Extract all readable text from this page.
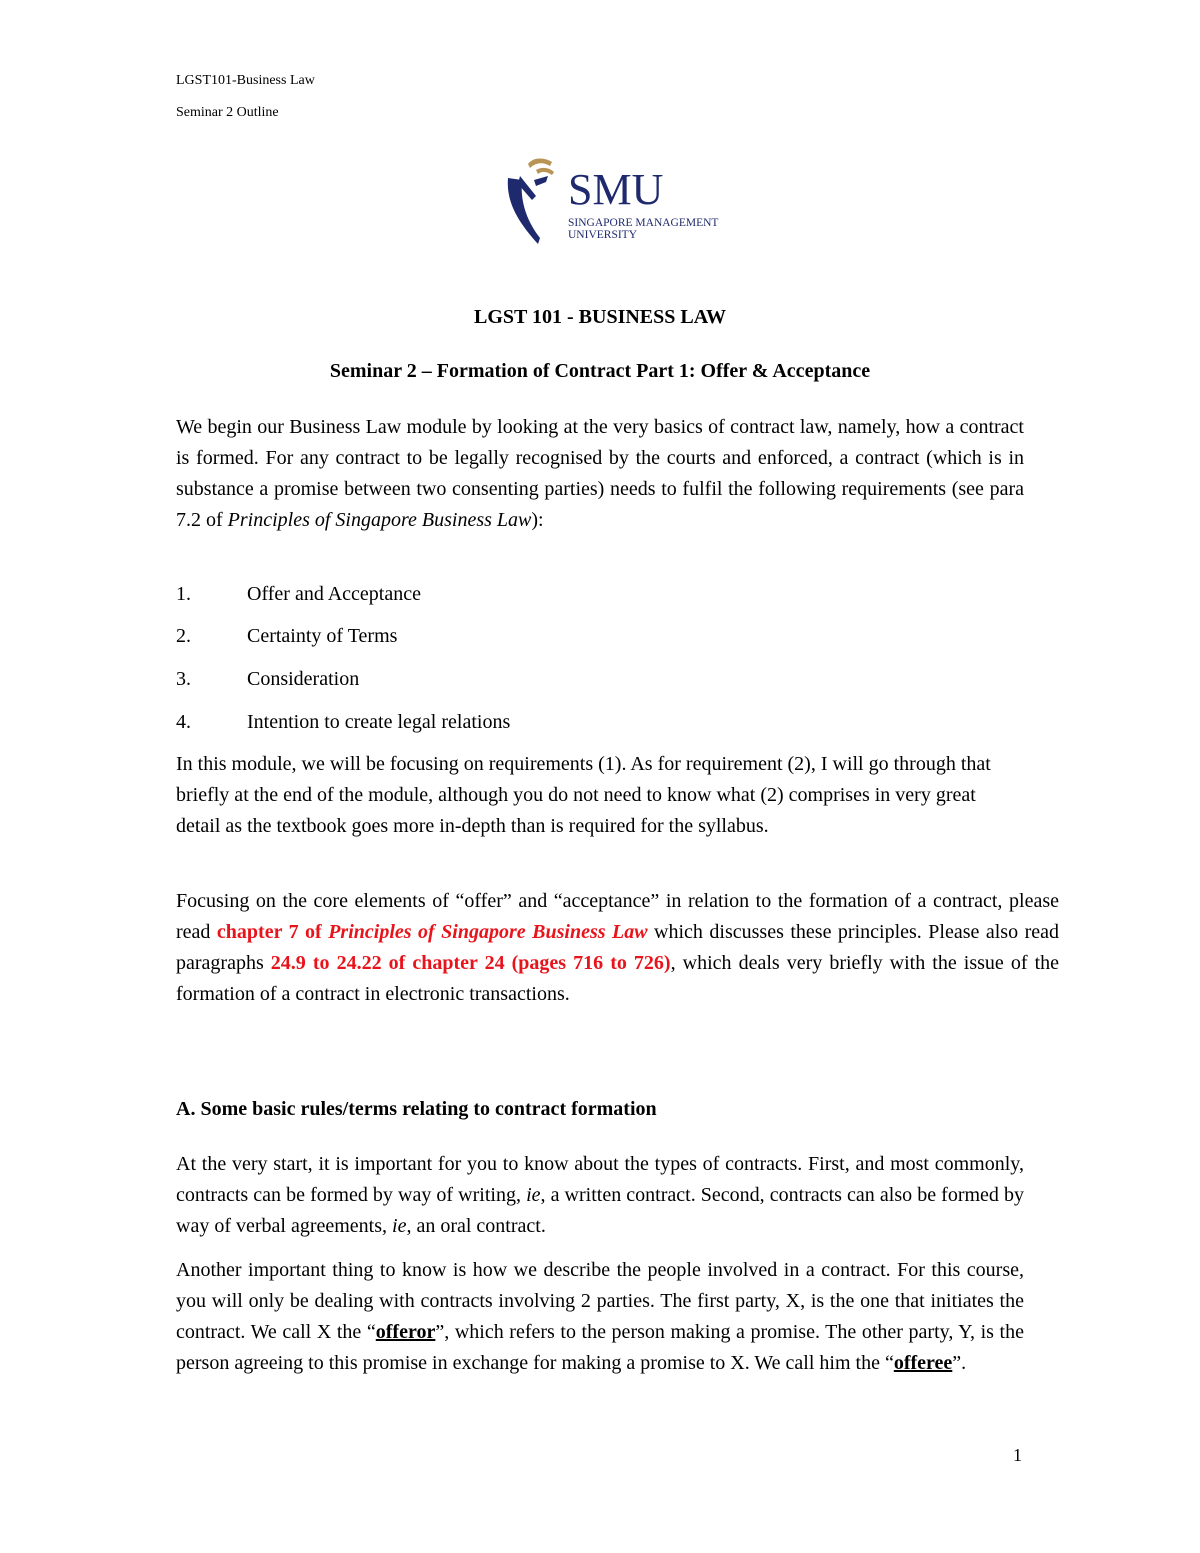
LGST101-Business Law
Seminar 2 Outline
SMU
SINGAPORE MANAGEMENT
UNIVERSITY
LGST 101 - BUSINESS LAW
Seminar 2 – Formation of Contract Part 1: Offer & Acceptance

We begin our Business Law module by looking at the very basics of contract law, namely, how a contract is formed. For any contract to be legally recognised by the courts and enforced, a contract (which is in substance a promise between two consenting parties) needs to fulfil the following requirements (see para 7.2 of Principles of Singapore Business Law):

1.	Offer and Acceptance
2.	Certainty of Terms
3.	Consideration
4.	Intention to create legal relations

In this module, we will be focusing on requirements (1). As for requirement (2), I will go through that briefly at the end of the module, although you do not need to know what (2) comprises in very great detail as the textbook goes more in-depth than is required for the syllabus.

Focusing on the core elements of “offer” and “acceptance” in relation to the formation of a contract, please read chapter 7 of Principles of Singapore Business Law which discusses these principles. Please also read paragraphs 24.9 to 24.22 of chapter 24 (pages 716 to 726), which deals very briefly with the issue of the formation of a contract in electronic transactions.

A. Some basic rules/terms relating to contract formation

At the very start, it is important for you to know about the types of contracts. First, and most commonly, contracts can be formed by way of writing, ie, a written contract. Second, contracts can also be formed by way of verbal agreements, ie, an oral contract.

Another important thing to know is how we describe the people involved in a contract. For this course, you will only be dealing with contracts involving 2 parties. The first party, X, is the one that initiates the contract. We call X the “offeror”, which refers to the person making a promise. The other party, Y, is the person agreeing to this promise in exchange for making a promise to X. We call him the “offeree”.

1
